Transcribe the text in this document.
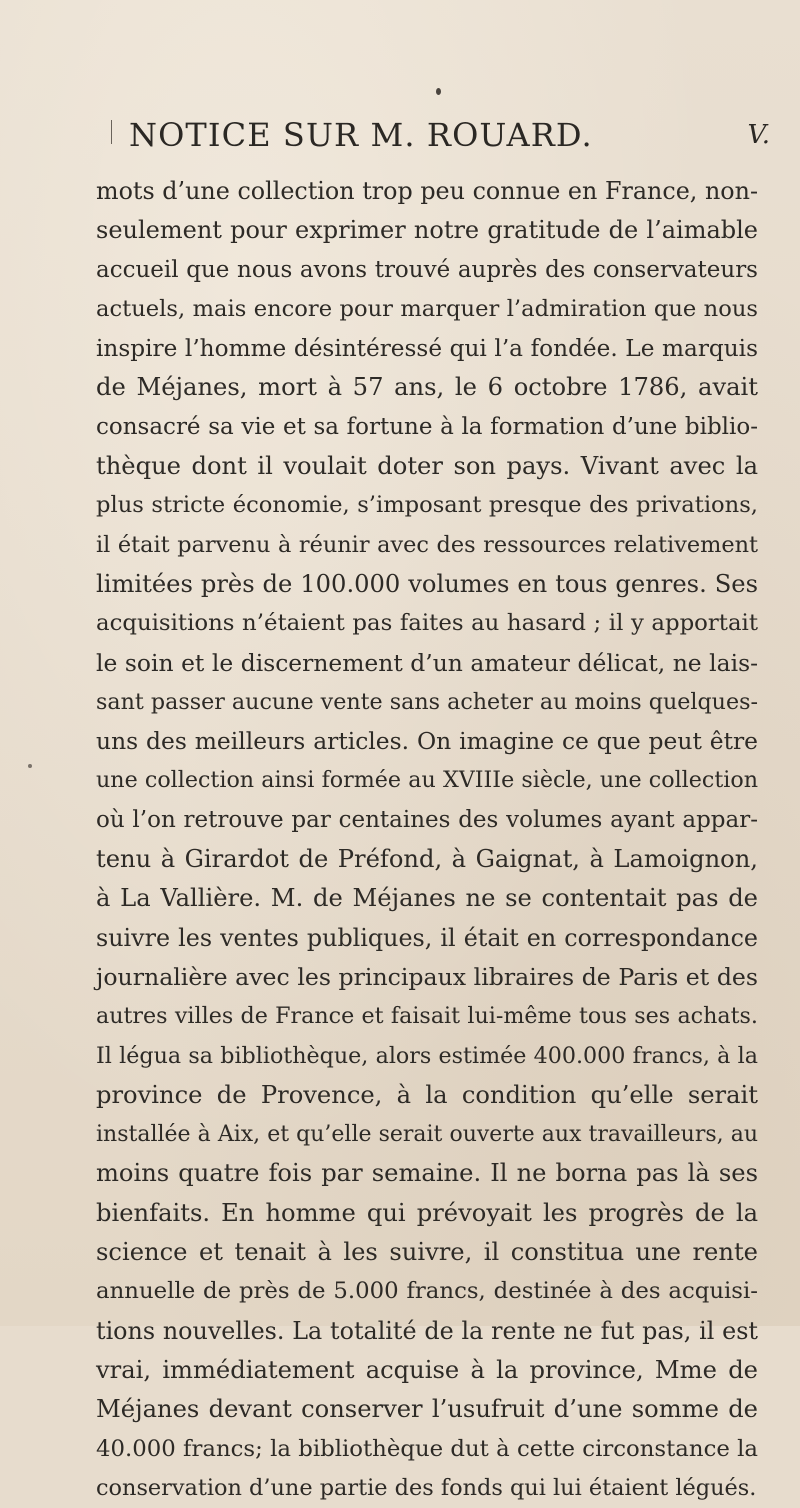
NOTICE SUR M. ROUARD.	V.
mots d’une collection trop peu connue en France, non-
seulement pour exprimer notre gratitude de l’aimable
accueil que nous avons trouvé auprès des conservateurs
actuels, mais encore pour marquer l’admiration que nous
inspire l’homme désintéressé qui l’a fondée. Le marquis
de Méjanes, mort à 57 ans, le 6 octobre 1786, avait
consacré sa vie et sa fortune à la formation d’une biblio-
thèque dont il voulait doter son pays. Vivant avec la
plus stricte économie, s’imposant presque des privations,
il était parvenu à réunir avec des ressources relativement
limitées près de 100.000 volumes en tous genres. Ses
acquisitions n’étaient pas faites au hasard ; il y apportait
le soin et le discernement d’un amateur délicat, ne lais-
sant passer aucune vente sans acheter au moins quelques-
uns des meilleurs articles. On imagine ce que peut être
une collection ainsi formée au XVIIIe siècle, une collection
où l’on retrouve par centaines des volumes ayant appar-
tenu à Girardot de Préfond, à Gaignat, à Lamoignon,
à La Vallière. M. de Méjanes ne se contentait pas de
suivre les ventes publiques, il était en correspondance
journalière avec les principaux libraires de Paris et des
autres villes de France et faisait lui-même tous ses achats.
Il légua sa bibliothèque, alors estimée 400.000 francs, à la
province de Provence, à la condition qu’elle serait
installée à Aix, et qu’elle serait ouverte aux travailleurs, au
moins quatre fois par semaine. Il ne borna pas là ses
bienfaits. En homme qui prévoyait les progrès de la
science et tenait à les suivre, il constitua une rente
annuelle de près de 5.000 francs, destinée à des acquisi-
tions nouvelles. La totalité de la rente ne fut pas, il est
vrai, immédiatement acquise à la province, Mme de
Méjanes devant conserver l’usufruit d’une somme de
40.000 francs; la bibliothèque dut à cette circonstance la
conservation d’une partie des fonds qui lui étaient légués.
